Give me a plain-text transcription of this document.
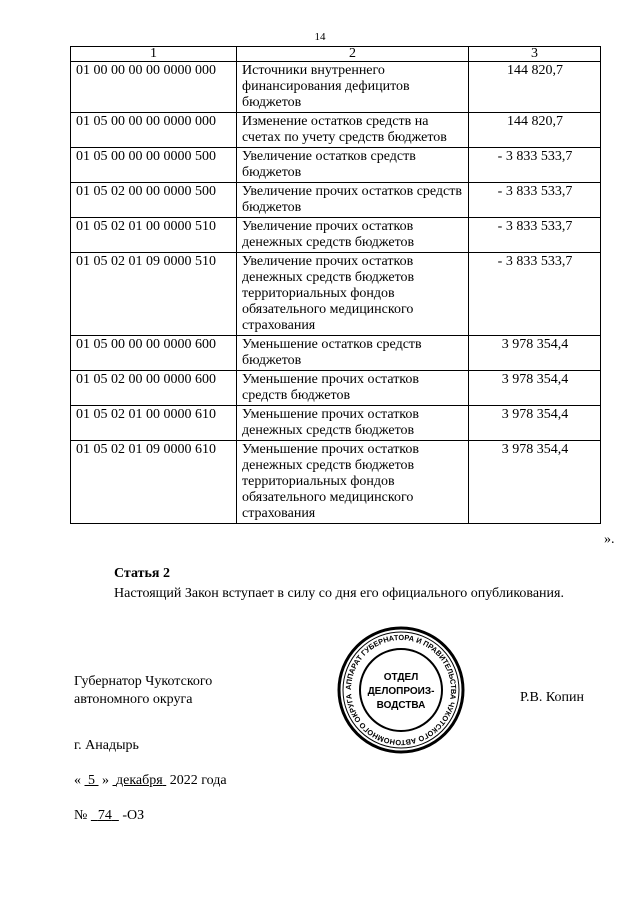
14
1	2	3
01 00 00 00 00 0000 000	Источники внутреннего финансирования дефицитов бюджетов	144 820,7
01 05 00 00 00 0000 000	Изменение остатков средств на счетах по учету средств бюджетов	144 820,7
01 05 00 00 00 0000 500	Увеличение остатков средств бюджетов	- 3 833 533,7
01 05 02 00 00 0000 500	Увеличение прочих остатков средств бюджетов	- 3 833 533,7
01 05 02 01 00 0000 510	Увеличение прочих остатков денежных средств бюджетов	- 3 833 533,7
01 05 02 01 09 0000 510	Увеличение прочих остатков денежных средств бюджетов территориальных фондов обязательного медицинского страхования	- 3 833 533,7
01 05 00 00 00 0000 600	Уменьшение остатков средств бюджетов	3 978 354,4
01 05 02 00 00 0000 600	Уменьшение прочих остатков средств бюджетов	3 978 354,4
01 05 02 01 00 0000 610	Уменьшение прочих остатков денежных средств бюджетов	3 978 354,4
01 05 02 01 09 0000 610	Уменьшение прочих остатков денежных средств бюджетов территориальных фондов обязательного медицинского страхования	3 978 354,4
».
Статья 2
Настоящий Закон вступает в силу со дня его официального опубликования.
Губернатор Чукотского
автономного округа
АППАРАТ ГУБЕРНАТОРА И ПРАВИТЕЛЬСТВА ЧУКОТСКОГО АВТОНОМНОГО ОКРУГА
ОТДЕЛ
ДЕЛОПРОИЗ-
ВОДСТВА
Р.В. Копин
г. Анадырь
« 5 » декабря 2022 года
№ 74 -ОЗ
